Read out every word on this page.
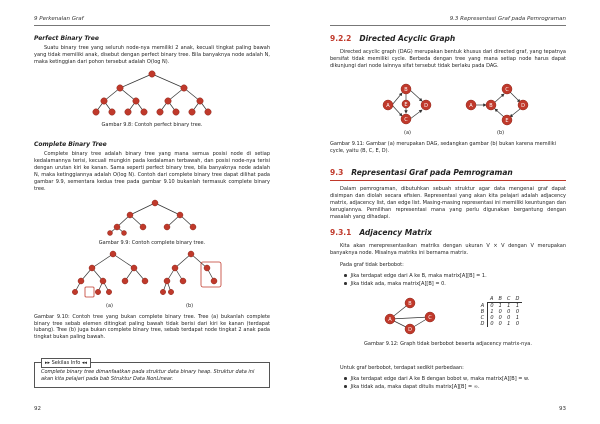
9 Perkenalan Graf
Perfect Binary Tree

Suatu binary tree yang seluruh node-nya memiliki 2 anak, kecuali tingkat paling bawah yang tidak memiliki anak, disebut dengan perfect binary tree. Bila banyaknya node adalah N, maka ketinggian dari pohon tersebut adalah O(log N).

Gambar 9.8: Contoh perfect binary tree.
Complete Binary Tree

Complete binary tree adalah binary tree yang mana semua posisi node di setiap kedalamannya terisi, kecuali mungkin pada kedalaman terbawah, dan posisi node-nya terisi dengan urutan kiri ke kanan. Sama seperti perfect binary tree, bila banyaknya node adalah N, maka ketinggiannya adalah O(log N). Contoh dari complete binary tree dapat dilihat pada gambar 9.9, sementara kedua tree pada gambar 9.10 bukanlah termasuk complete binary tree.

Gambar 9.9: Contoh complete binary tree.
(a)	(b)
Gambar 9.10: Contoh tree yang bukan complete binary tree. Tree (a) bukanlah complete binary tree sebab elemen ditingkat paling bawah tidak berisi dari kiri ke kanan (terdapat lubang). Tree (b) juga bukan complete binary tree, sebab terdapat node tingkat 2 anak pada tingkat bukan paling bawah.
▸▸ Sekilas Info ◂◂
Complete binary tree dimanfaatkan pada struktur data binary heap. Struktur data ini akan kita pelajari pada bab Struktur Data NonLinear.
92
9.3 Representasi Graf pada Pemrograman
9.2.2 Directed Acyclic Graph

Directed acyclic graph (DAG) merupakan bentuk khusus dari directed graf, yang tepatnya bersifat tidak memiliki cycle. Berbeda dengan tree yang mana setiap node harus dapat dikunjungi dari node lainnya sifat tersebut tidak berlaku pada DAG.

A
B
C
D
E	A	B
C
D
E
(a)	(b)
Gambar 9.11: Gambar (a) merupakan DAG, sedangkan gambar (b) bukan karena memiliki cycle, yaitu (B, C, E, D).
9.3 Representasi Graf pada Pemrograman

Dalam pemrograman, dibutuhkan sebuah struktur agar data mengenai graf dapat disimpan dan diolah secara efisien. Representasi yang akan kita pelajari adalah adjacency matrix, adjacency list, dan edge list. Masing-masing representasi ini memiliki keuntungan dan kerugiannya. Pemilihan representasi mana yang perlu digunakan bergantung dengan masalah yang dihadapi.

9.3.1 Adjacency Matrix

Kita akan merepresentasikan matriks dengan ukuran V × V dengan V merupakan banyaknya node. Misalnya matriks ini bernama matrix.

Pada graf tidak berbobot:

Jika terdapat edge dari A ke B, maka matrix[A][B] = 1.
Jika tidak ada, maka matrix[A][B] = 0.
A
B
C
D
	A	B	C	D
A	0	1	1	1
B	1	0	0	0
C	0	0	0	1
D	0	0	1	0
Gambar 9.12: Graph tidak berbobot beserta adjacency matrix-nya.

Untuk graf berbobot, terdapat sedikit perbedaan:

Jika terdapat edge dari A ke B dengan bobot w, maka matrix[A][B] = w.
Jika tidak ada, maka dapat ditulis matrix[A][B] = ∞.
93
